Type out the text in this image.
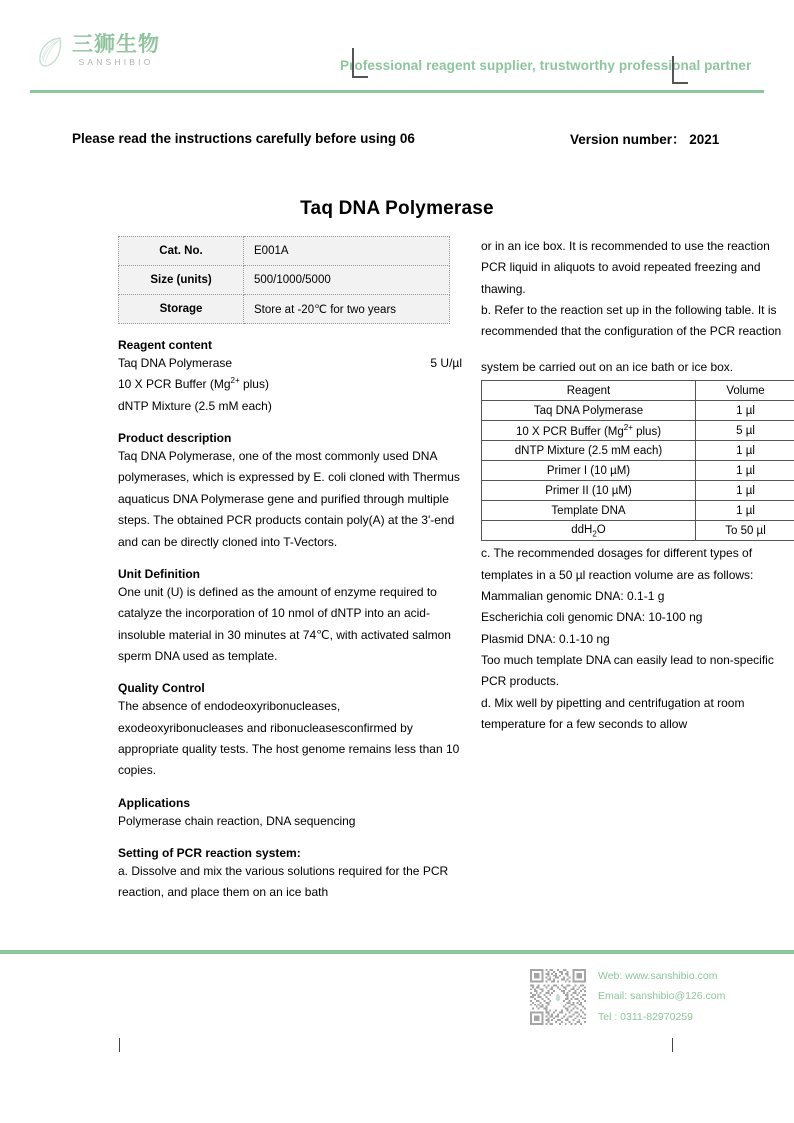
三狮生物
SANSHIBIO	Professional reagent supplier, trustworthy professional partner
Please read the instructions carefully before using 06	Version number： 2021
Taq DNA Polymerase
Cat. No.	E001A
Size (units)	500/1000/5000
Storage	Store at -20℃ for two years
Reagent content
Taq DNA Polymerase	5 U/µl
10 X PCR Buffer ($Mg^{2+}$ plus)
dNTP Mixture (2.5 mM each)
Product description
Taq DNA Polymerase, one of the most commonly used DNA polymerases, which is expressed by E. coli cloned with Thermus aquaticus DNA Polymerase gene and purified through multiple steps. The obtained PCR products contain poly(A) at the 3'-end and can be directly cloned into T-Vectors.
Unit Definition
One unit (U) is defined as the amount of enzyme required to catalyze the incorporation of 10 nmol of dNTP into an acid-insoluble material in 30 minutes at 74℃, with activated salmon sperm DNA used as template.
Quality Control
The absence of endodeoxyribonucleases, exodeoxyribonucleases and ribonucleasesconfirmed by appropriate quality tests. The host genome remains less than 10 copies.
Applications
Polymerase chain reaction, DNA sequencing
Setting of PCR reaction system:
a. Dissolve and mix the various solutions required for the PCR reaction, and place them on an ice bath
or in an ice box. It is recommended to use the reaction PCR liquid in aliquots to avoid repeated freezing and thawing.
b. Refer to the reaction set up in the following table. It is recommended that the configuration of the PCR reaction
system be carried out on an ice bath or ice box.
Reagent	Volume
Taq DNA Polymerase	1 µl
10 X PCR Buffer ($Mg^{2+}$ plus)	5 µl
dNTP Mixture (2.5 mM each)	1 µl
Primer I (10 µM)	1 µl
Primer II (10 µM)	1 µl
Template DNA	1 µl
ddH$_2$O	To 50 µl
c. The recommended dosages for different types of templates in a 50 µl reaction volume are as follows:
Mammalian genomic DNA: 0.1-1 g
Escherichia coli genomic DNA: 10-100 ng
Plasmid DNA: 0.1-10 ng
Too much template DNA can easily lead to non-specific PCR products.
d. Mix well by pipetting and centrifugation at room temperature for a few seconds to allow
Web: www.sanshibio.com
Email: sanshibio@126.com
Tel : 0311-82970259
